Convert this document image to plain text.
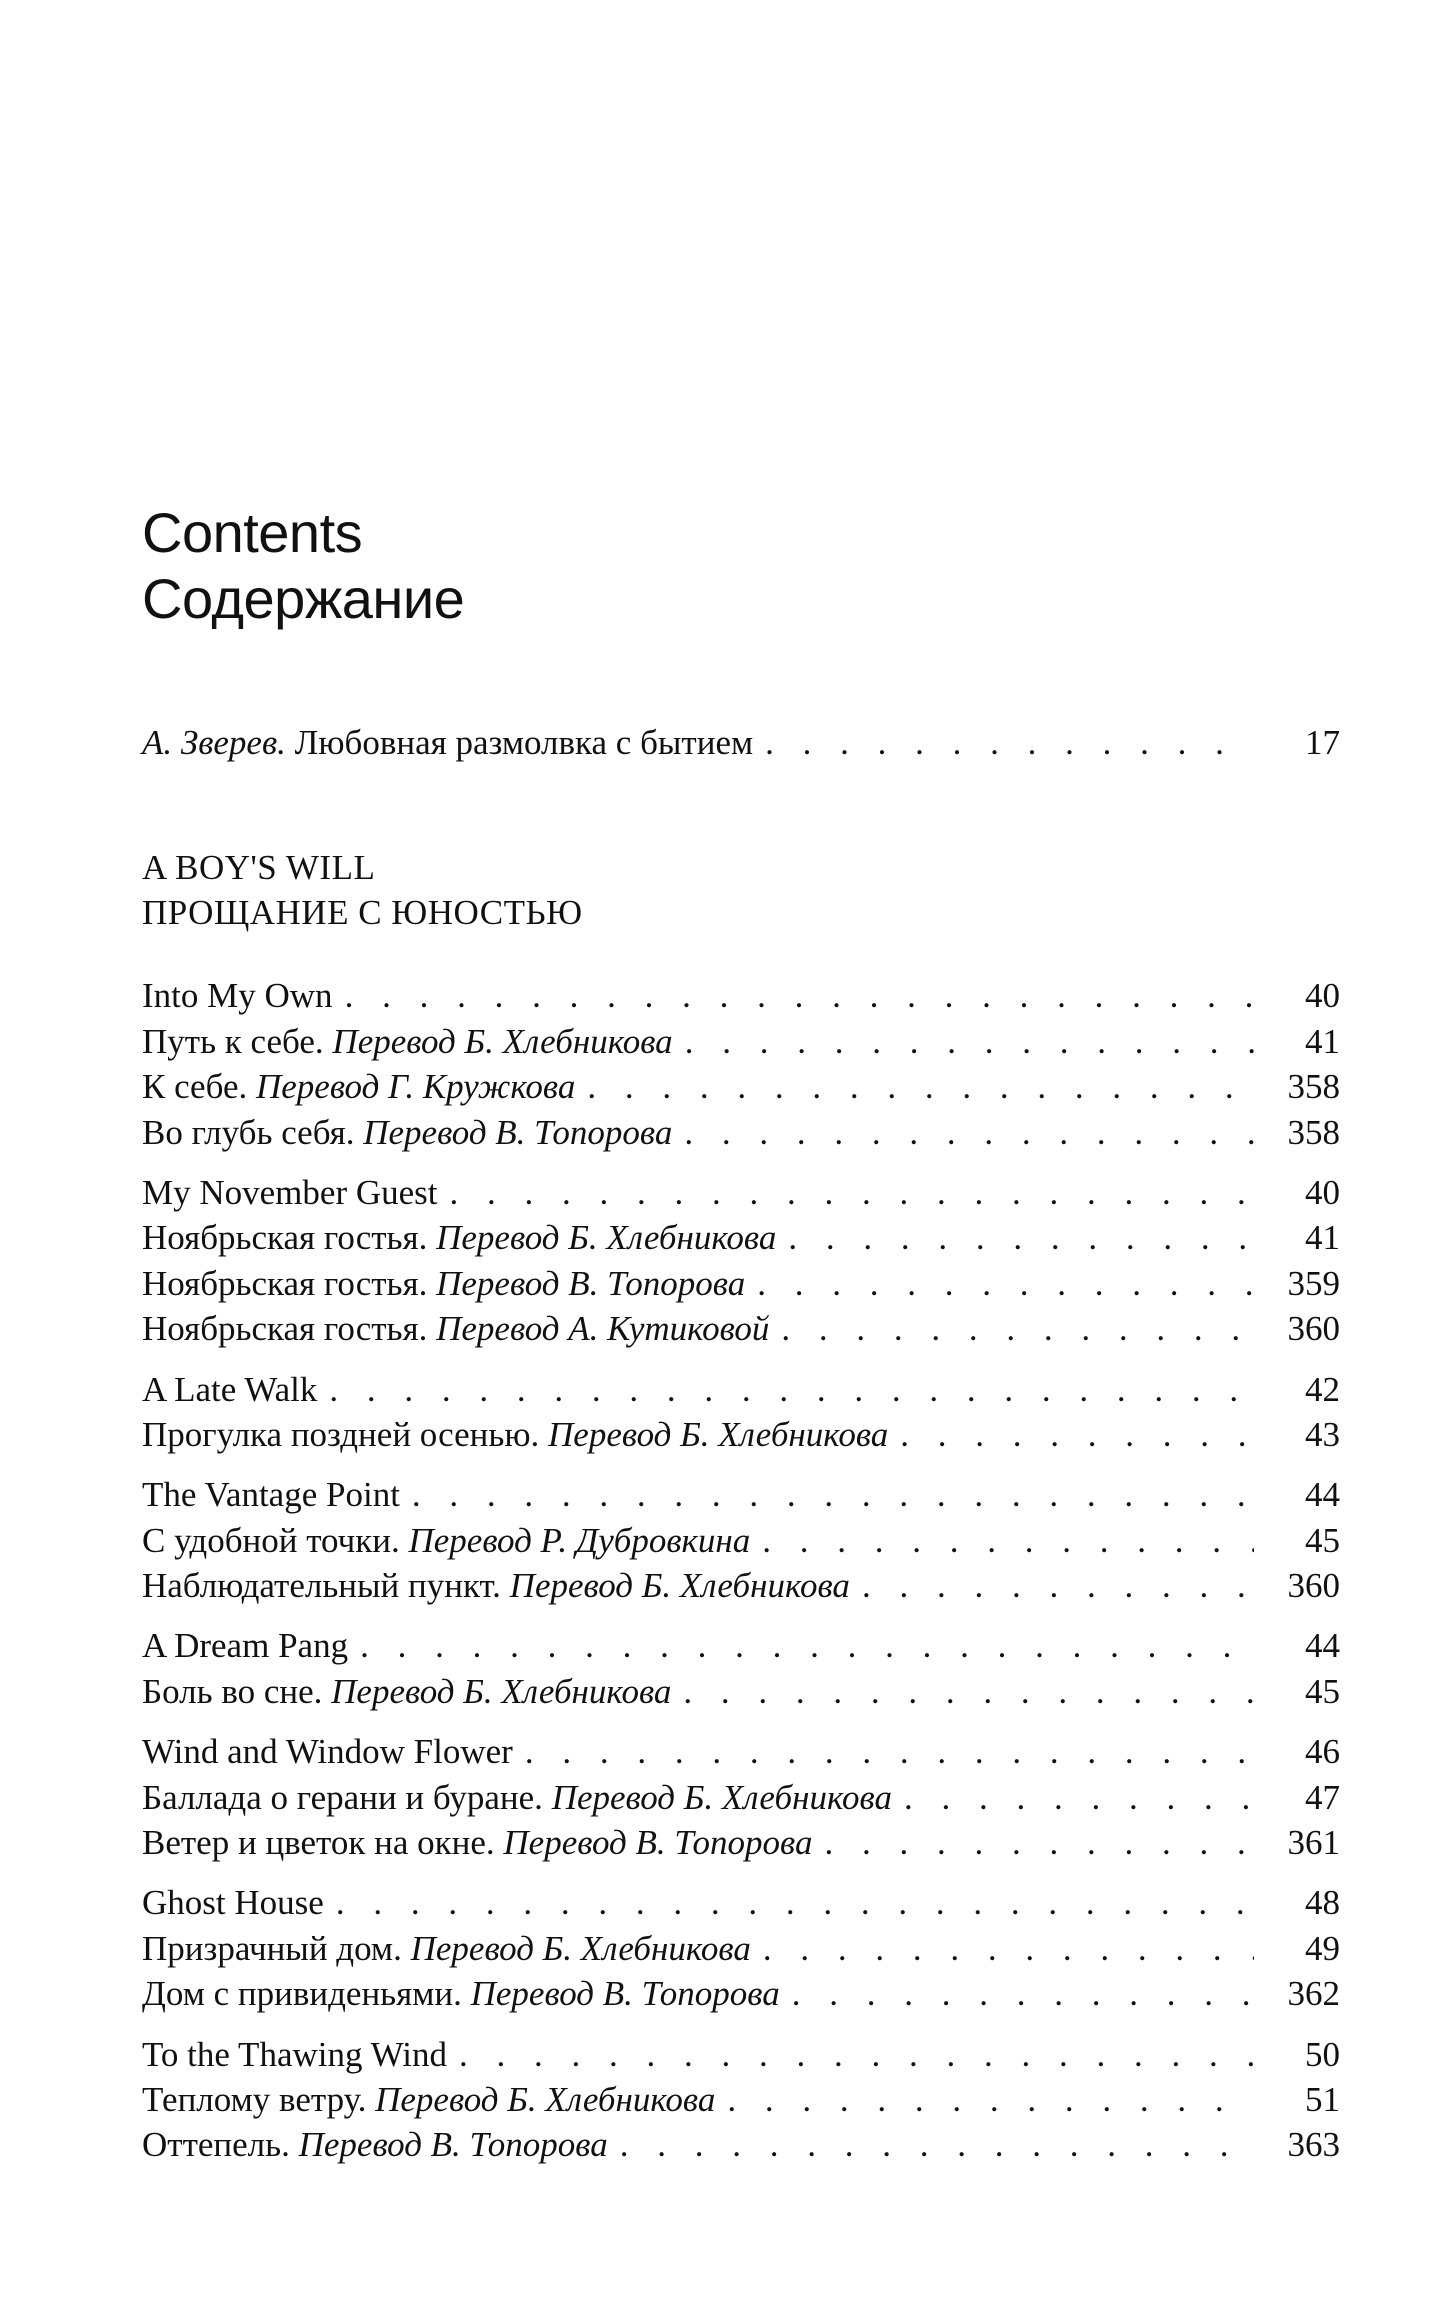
Contents
Содержание
А. Зверев. Любовная размолвка с бытием . . .	17
A BOY'S WILL
ПРОЩАНИЕ С ЮНОСТЬЮ
Into My Own . . .	40
Путь к себе. Перевод Б. Хлебникова . . .	41
К себе. Перевод Г. Кружкова . . .	358
Во глубь себя. Перевод В. Топорова . . .	358
My November Guest . . .	40
Ноябрьская гостья. Перевод Б. Хлебникова . . .	41
Ноябрьская гостья. Перевод В. Топорова . . .	359
Ноябрьская гостья. Перевод А. Кутиковой . . .	360
A Late Walk . . .	42
Прогулка поздней осенью. Перевод Б. Хлебникова . . .	43
The Vantage Point . . .	44
С удобной точки. Перевод Р. Дубровкина . . .	45
Наблюдательный пункт. Перевод Б. Хлебникова . . .	360
A Dream Pang . . .	44
Боль во сне. Перевод Б. Хлебникова . . .	45
Wind and Window Flower . . .	46
Баллада о герани и буране. Перевод Б. Хлебникова . . .	47
Ветер и цветок на окне. Перевод В. Топорова . . .	361
Ghost House . . .	48
Призрачный дом. Перевод Б. Хлебникова . . .	49
Дом с привиденьями. Перевод В. Топорова . . .	362
To the Thawing Wind . . .	50
Теплому ветру. Перевод Б. Хлебникова . . .	51
Оттепель. Перевод В. Топорова . . .	363
